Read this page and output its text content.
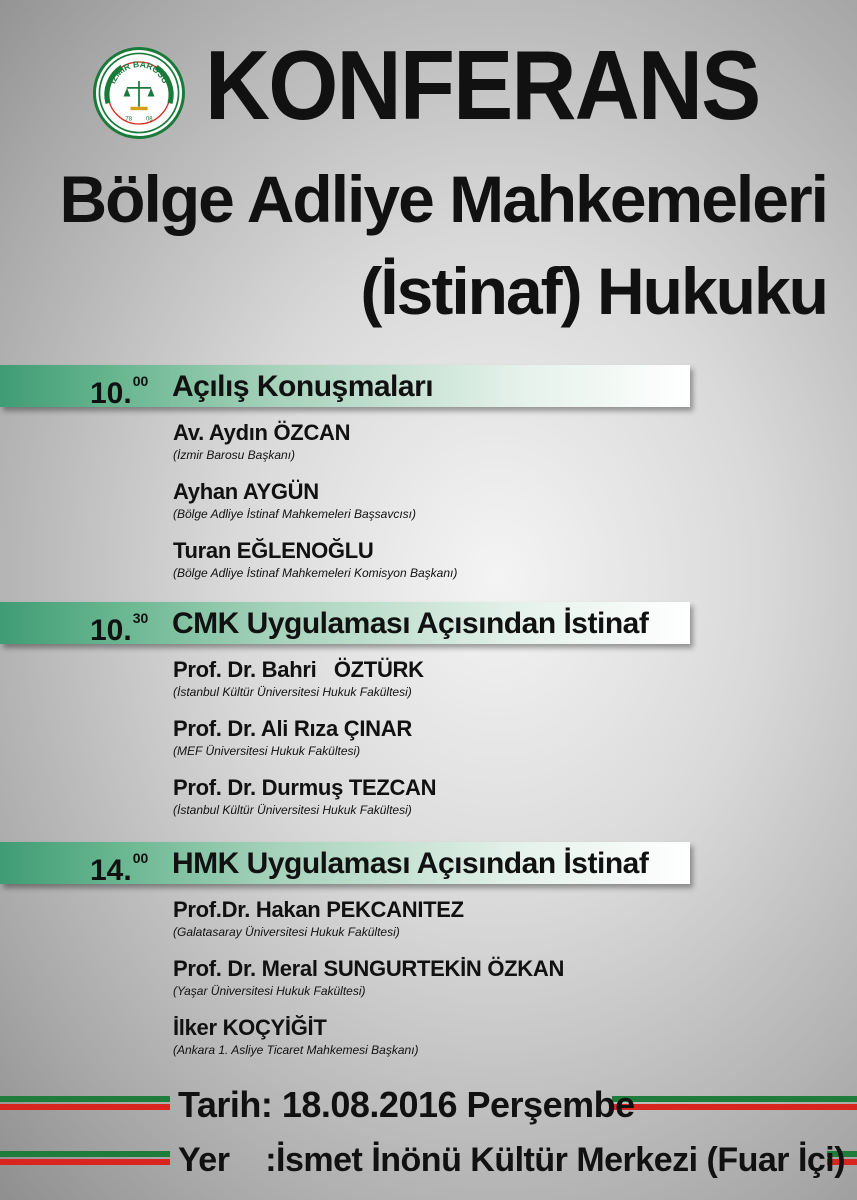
İZMİR BAROSU
78 08 KONFERANS
Bölge Adliye Mahkemeleri
(İstinaf) Hukuku
10.00 Açılış Konuşmaları
Av. Aydın ÖZCAN
(İzmir Barosu Başkanı)
Ayhan AYGÜN
(Bölge Adliye İstinaf Mahkemeleri Başsavcısı)
Turan EĞLENOĞLU
(Bölge Adliye İstinaf Mahkemeleri Komisyon Başkanı)
10.30 CMK Uygulaması Açısından İstinaf
Prof. Dr. Bahri   ÖZTÜRK
(İstanbul Kültür Üniversitesi Hukuk Fakültesi)
Prof. Dr. Ali Rıza ÇINAR
(MEF Üniversitesi Hukuk Fakültesi)
Prof. Dr. Durmuş TEZCAN
(İstanbul Kültür Üniversitesi Hukuk Fakültesi)
14.00 HMK Uygulaması Açısından İstinaf
Prof.Dr. Hakan PEKCANITEZ
(Galatasaray Üniversitesi Hukuk Fakültesi)
Prof. Dr. Meral SUNGURTEKİN ÖZKAN
(Yaşar Üniversitesi Hukuk Fakültesi)
İlker KOÇYİĞİT
(Ankara 1. Asliye Ticaret Mahkemesi Başkanı)
Tarih: 18.08.2016 Perşembe
Yer    :İsmet İnönü Kültür Merkezi (Fuar İçi)
